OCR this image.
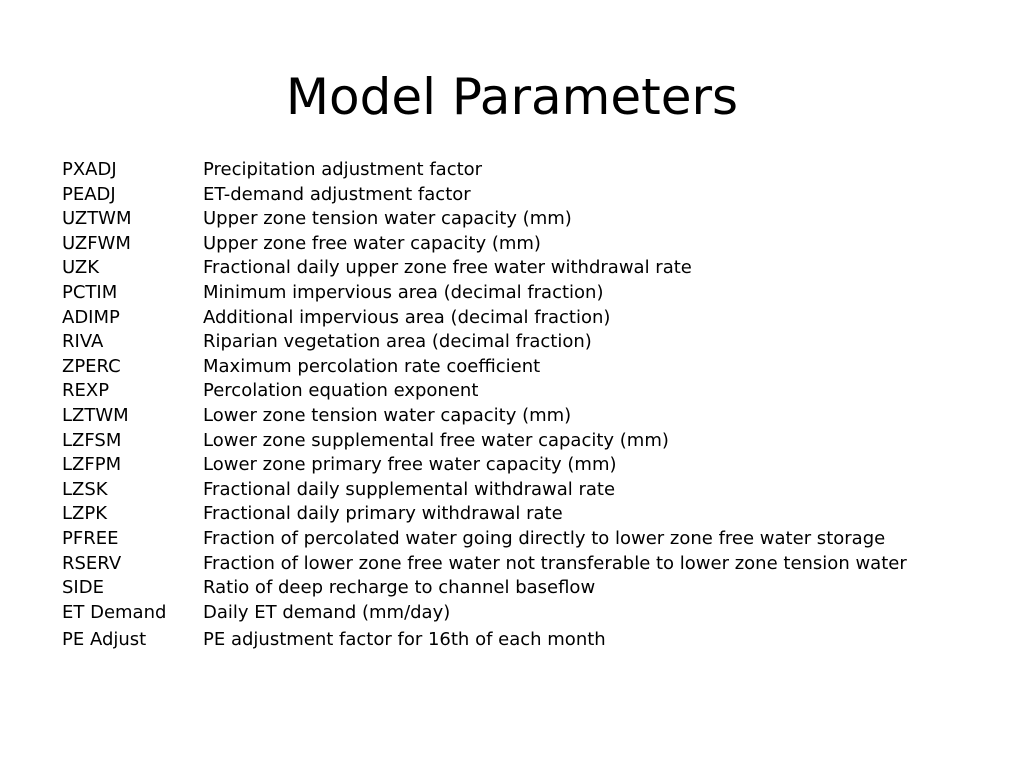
Model Parameters
PXADJ	Precipitation adjustment factor
PEADJ	ET-demand adjustment factor
UZTWM	Upper zone tension water capacity (mm)
UZFWM	Upper zone free water capacity (mm)
UZK	Fractional daily upper zone free water withdrawal rate
PCTIM	Minimum impervious area (decimal fraction)
ADIMP	Additional impervious area (decimal fraction)
RIVA	Riparian vegetation area (decimal fraction)
ZPERC	Maximum percolation rate coefficient
REXP	Percolation equation exponent
LZTWM	Lower zone tension water capacity (mm)
LZFSM	Lower zone supplemental free water capacity (mm)
LZFPM	Lower zone primary free water capacity (mm)
LZSK	Fractional daily supplemental withdrawal rate
LZPK	Fractional daily primary withdrawal rate
PFREE	Fraction of percolated water going directly to lower zone free water storage
RSERV	Fraction of lower zone free water not transferable to lower zone tension water
SIDE	Ratio of deep recharge to channel baseflow
ET Demand	Daily ET demand (mm/day)
PE Adjust	PE adjustment factor for 16th of each month
